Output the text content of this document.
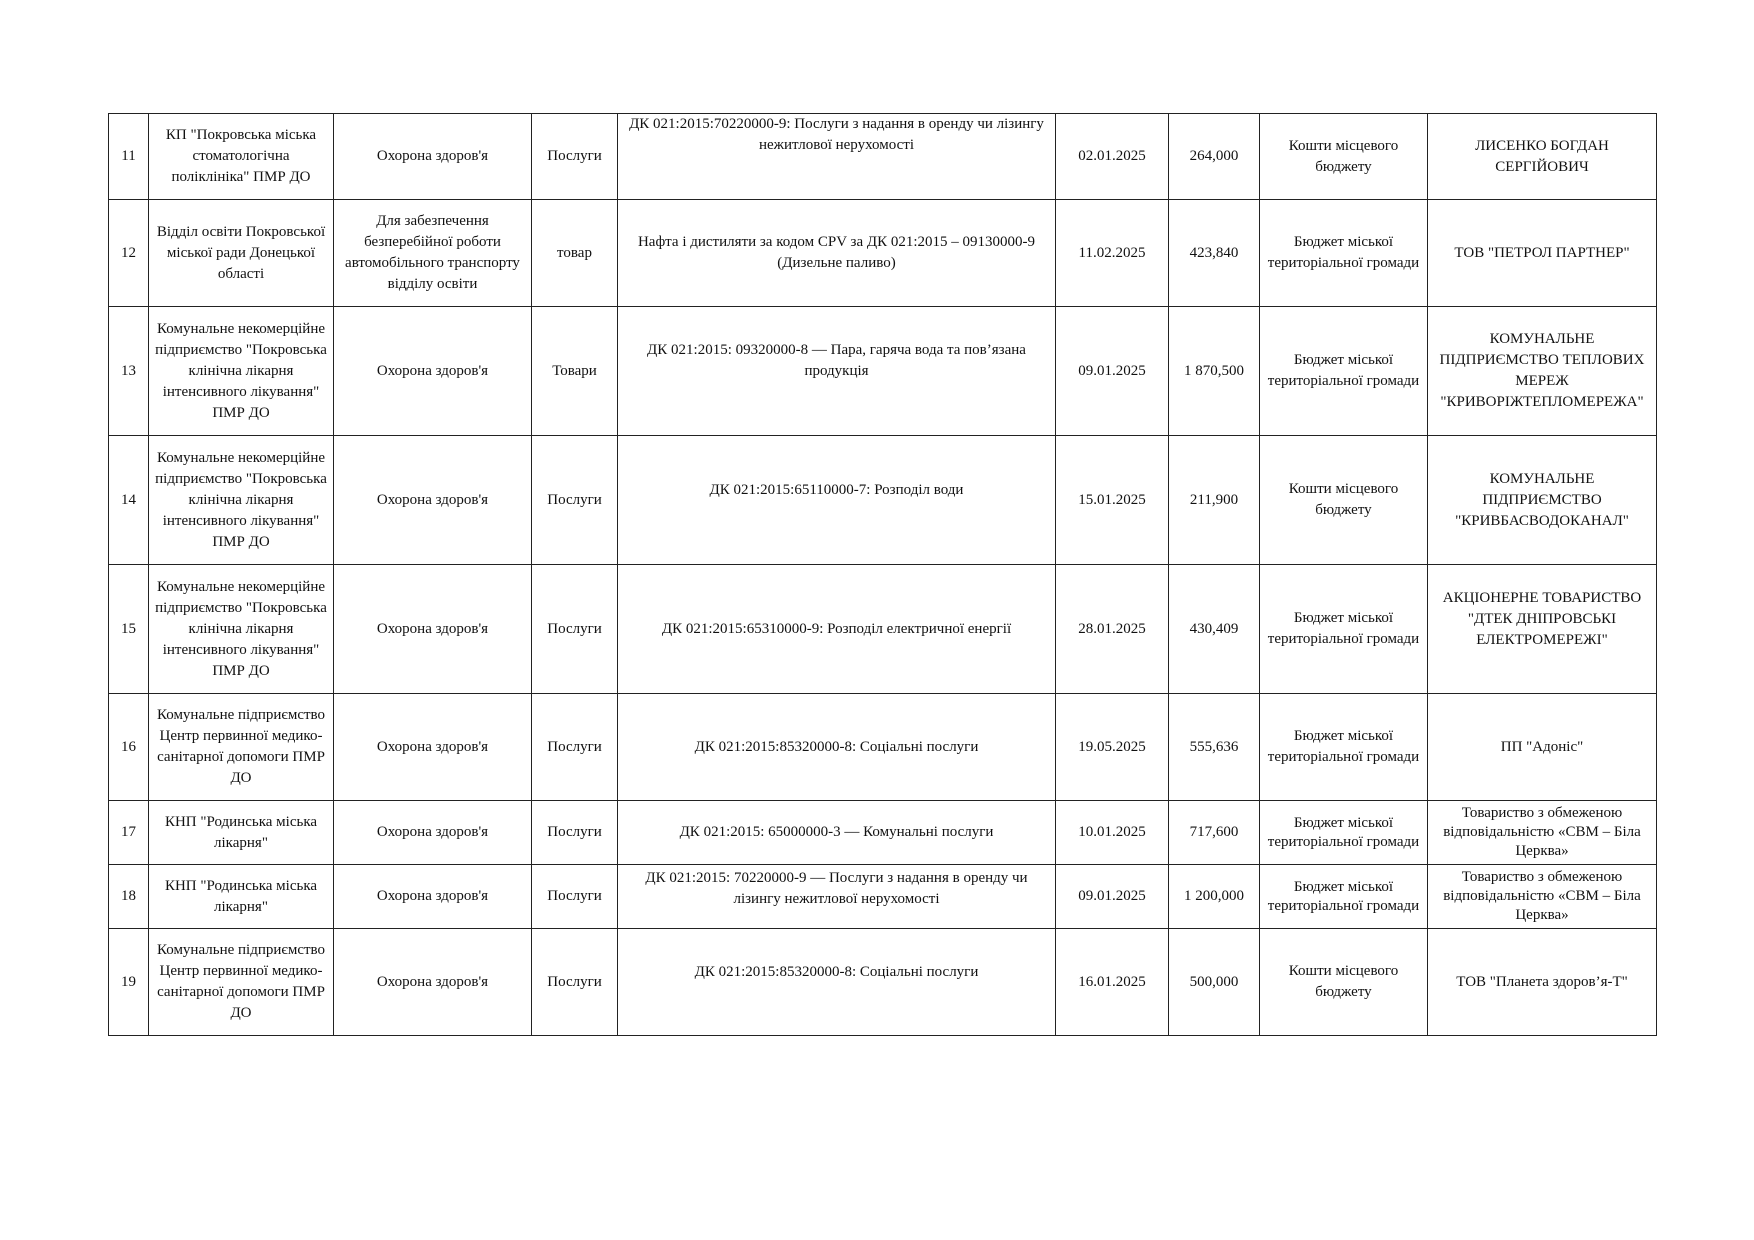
11	КП "Покровська міська стоматологічна поліклініка" ПМР ДО	Охорона здоров'я	Послуги	ДК 021:2015:70220000-9: Послуги з надання в оренду чи лізингу нежитлової нерухомості	02.01.2025	264,000	Кошти місцевого бюджету	ЛИСЕНКО БОГДАН СЕРГІЙОВИЧ
12	Відділ освіти Покровської міської ради Донецької області	Для забезпечення безперебійної роботи автомобільного транспорту відділу освіти	товар	Нафта і дистиляти за кодом CPV за ДК 021:2015 – 09130000-9 (Дизельне паливо)	11.02.2025	423,840	Бюджет міської територіальної громади	ТОВ "ПЕТРОЛ ПАРТНЕР"
13	Комунальне некомерційне підприємство "Покровська клінічна лікарня інтенсивного лікування" ПМР ДО	Охорона здоров'я	Товари	ДК 021:2015: 09320000-8 — Пара, гаряча вода та пов’язана продукція	09.01.2025	1 870,500	Бюджет міської територіальної громади	КОМУНАЛЬНЕ ПІДПРИЄМСТВО ТЕПЛОВИХ МЕРЕЖ "КРИВОРІЖТЕПЛОМЕРЕЖА"
14	Комунальне некомерційне підприємство "Покровська клінічна лікарня інтенсивного лікування" ПМР ДО	Охорона здоров'я	Послуги	ДК 021:2015:65110000-7: Розподіл води	15.01.2025	211,900	Кошти місцевого бюджету	КОМУНАЛЬНЕ ПІДПРИЄМСТВО "КРИВБАСВОДОКАНАЛ"
15	Комунальне некомерційне підприємство "Покровська клінічна лікарня інтенсивного лікування" ПМР ДО	Охорона здоров'я	Послуги	ДК 021:2015:65310000-9: Розподіл електричної енергії	28.01.2025	430,409	Бюджет міської територіальної громади	АКЦІОНЕРНЕ ТОВАРИСТВО "ДТЕК ДНІПРОВСЬКІ ЕЛЕКТРОМЕРЕЖІ"
16	Комунальне підприємство Центр первинної медико-санітарної допомоги ПМР ДО	Охорона здоров'я	Послуги	ДК 021:2015:85320000-8: Соціальні послуги	19.05.2025	555,636	Бюджет міської територіальної громади	ПП "Адоніс"
17	КНП "Родинська міська лікарня"	Охорона здоров'я	Послуги	ДК 021:2015: 65000000-3 — Комунальні послуги	10.01.2025	717,600	Бюджет міської територіальної громади	Товариство з обмеженою відповідальністю «СВМ – Біла Церква»
18	КНП "Родинська міська лікарня"	Охорона здоров'я	Послуги	ДК 021:2015: 70220000-9 — Послуги з надання в оренду чи лізингу нежитлової нерухомості	09.01.2025	1 200,000	Бюджет міської територіальної громади	Товариство з обмеженою відповідальністю «СВМ – Біла Церква»
19	Комунальне підприємство Центр первинної медико-санітарної допомоги ПМР ДО	Охорона здоров'я	Послуги	ДК 021:2015:85320000-8: Соціальні послуги	16.01.2025	500,000	Кошти місцевого бюджету	ТОВ "Планета здоров’я-Т"
